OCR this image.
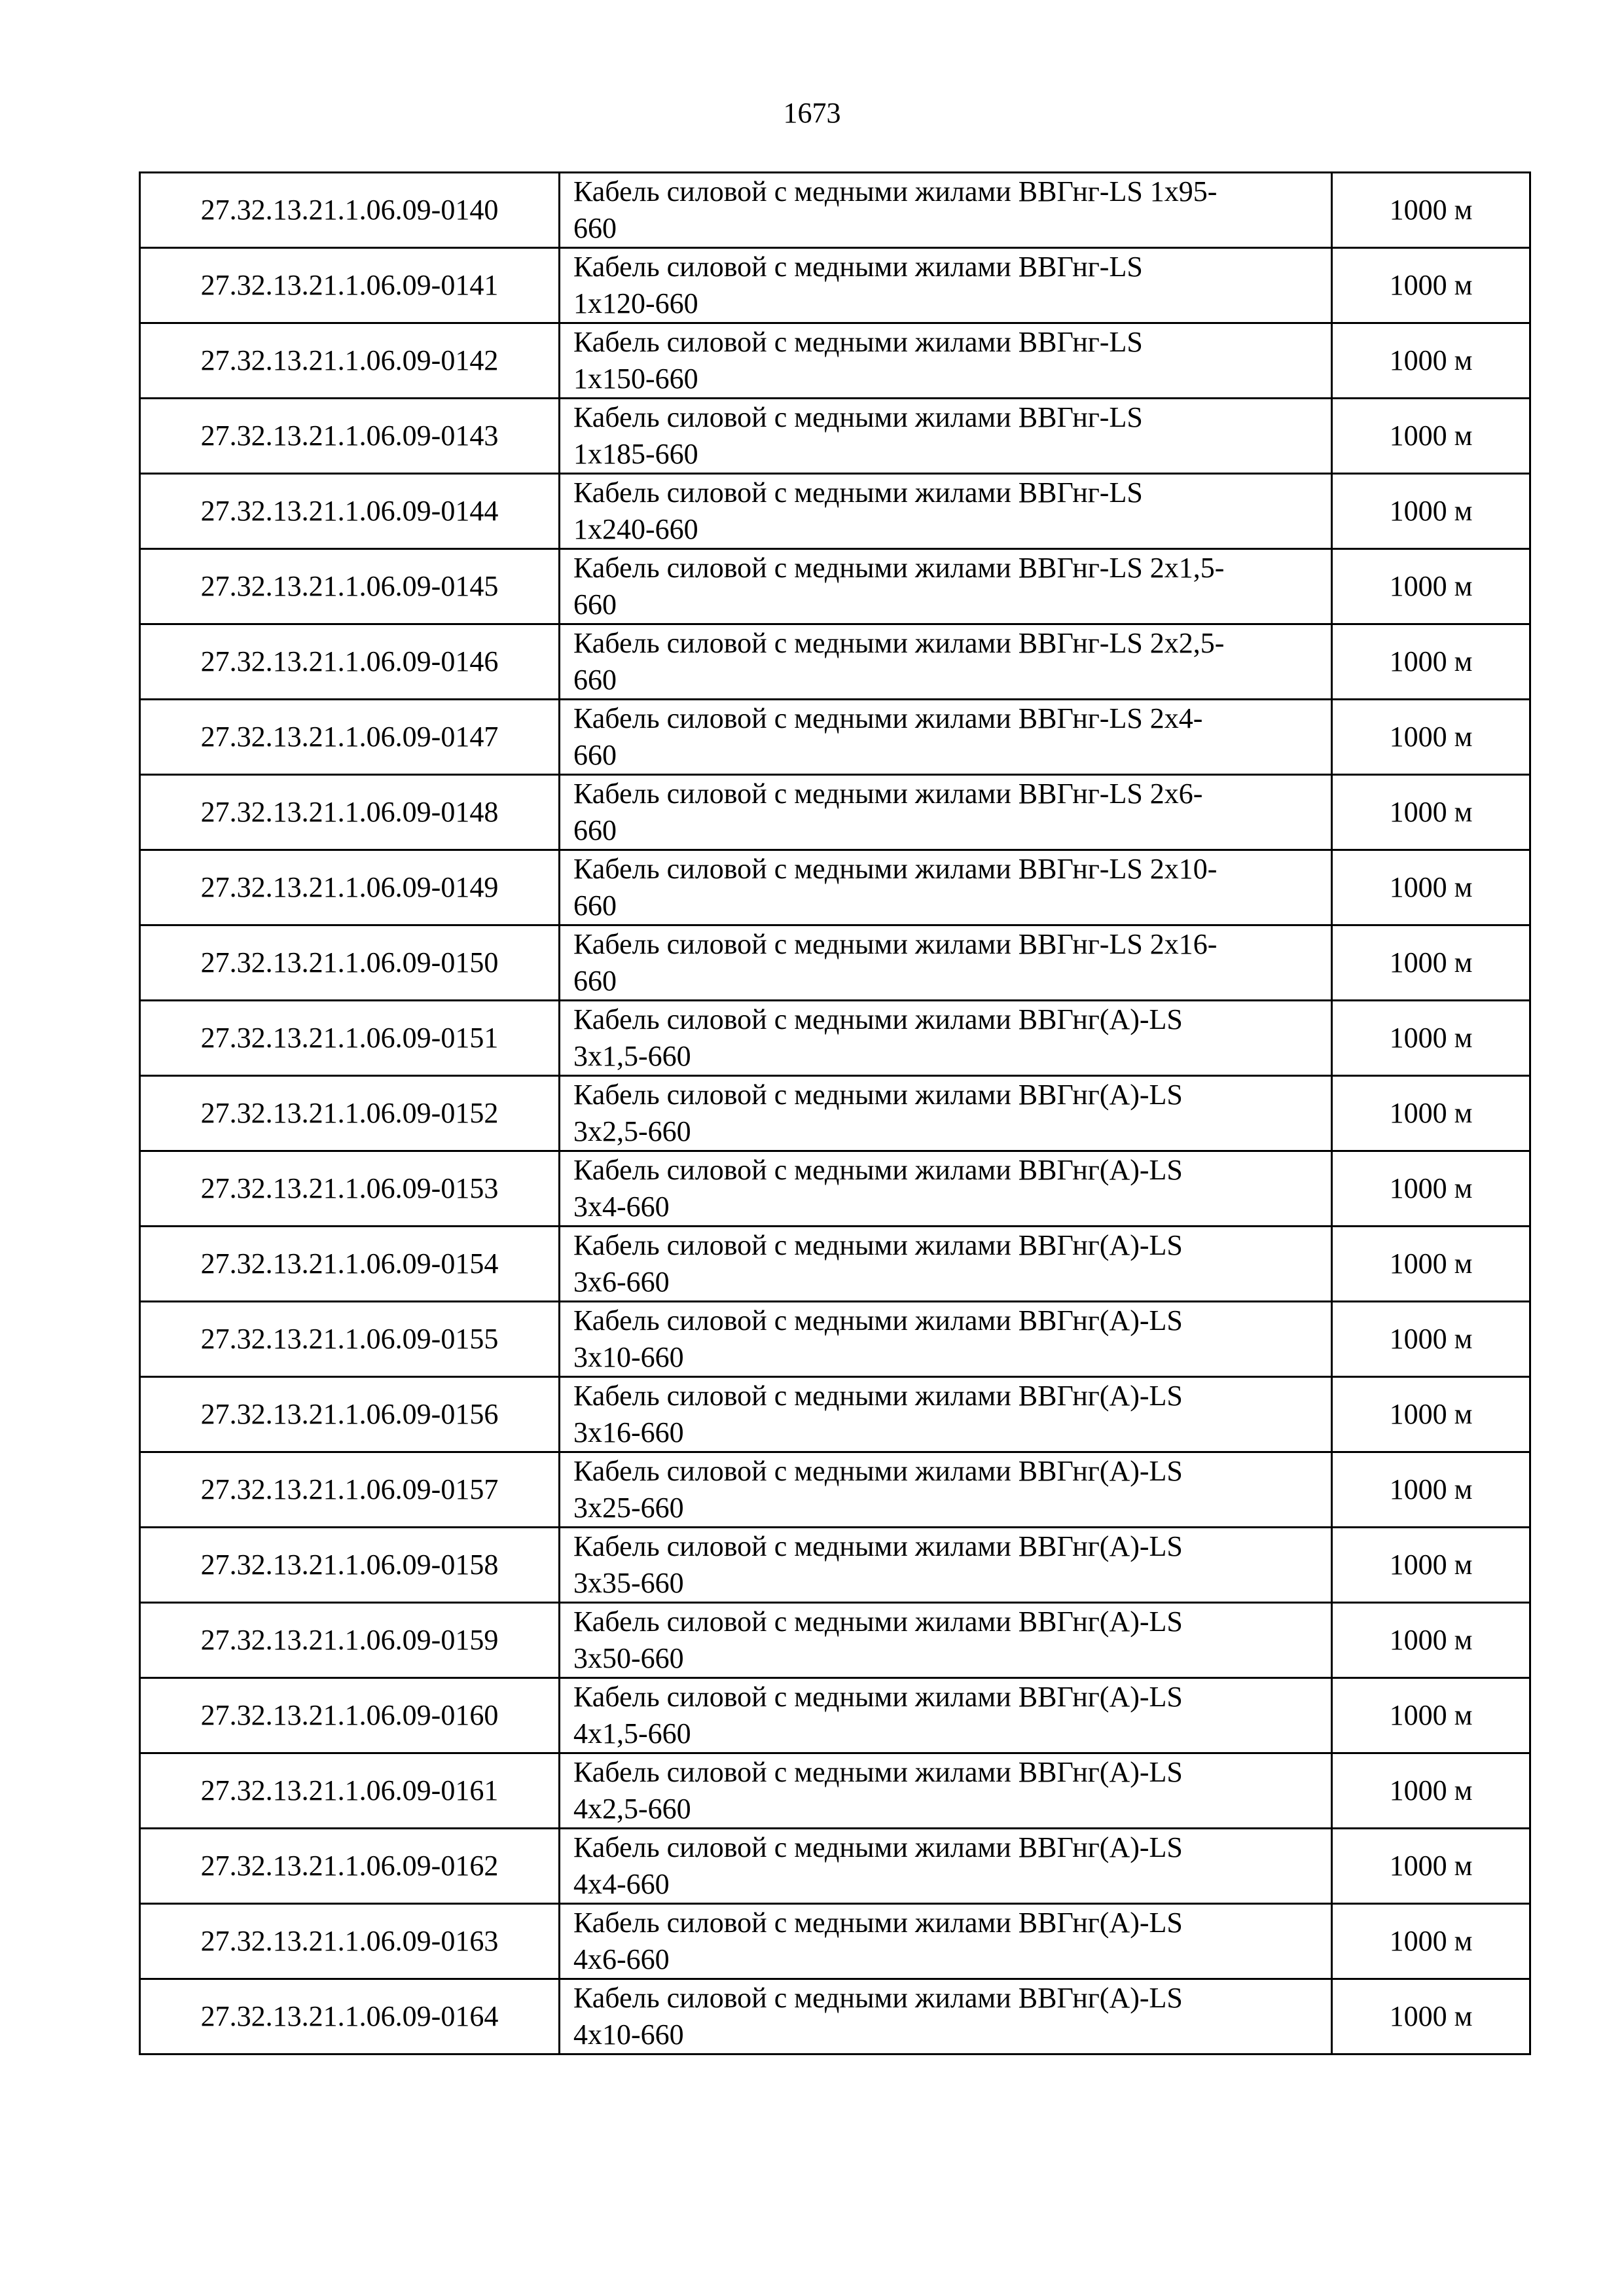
1673
27.32.13.21.1.06.09-0140	Кабель силовой с медными жилами ВВГнг-LS 1х95-
660	1000 м
27.32.13.21.1.06.09-0141	Кабель силовой с медными жилами ВВГнг-LS
1х120-660	1000 м
27.32.13.21.1.06.09-0142	Кабель силовой с медными жилами ВВГнг-LS
1х150-660	1000 м
27.32.13.21.1.06.09-0143	Кабель силовой с медными жилами ВВГнг-LS
1х185-660	1000 м
27.32.13.21.1.06.09-0144	Кабель силовой с медными жилами ВВГнг-LS
1х240-660	1000 м
27.32.13.21.1.06.09-0145	Кабель силовой с медными жилами ВВГнг-LS 2х1,5-
660	1000 м
27.32.13.21.1.06.09-0146	Кабель силовой с медными жилами ВВГнг-LS 2х2,5-
660	1000 м
27.32.13.21.1.06.09-0147	Кабель силовой с медными жилами ВВГнг-LS 2х4-
660	1000 м
27.32.13.21.1.06.09-0148	Кабель силовой с медными жилами ВВГнг-LS 2х6-
660	1000 м
27.32.13.21.1.06.09-0149	Кабель силовой с медными жилами ВВГнг-LS 2х10-
660	1000 м
27.32.13.21.1.06.09-0150	Кабель силовой с медными жилами ВВГнг-LS 2х16-
660	1000 м
27.32.13.21.1.06.09-0151	Кабель силовой с медными жилами ВВГнг(А)-LS
3х1,5-660	1000 м
27.32.13.21.1.06.09-0152	Кабель силовой с медными жилами ВВГнг(А)-LS
3х2,5-660	1000 м
27.32.13.21.1.06.09-0153	Кабель силовой с медными жилами ВВГнг(А)-LS
3х4-660	1000 м
27.32.13.21.1.06.09-0154	Кабель силовой с медными жилами ВВГнг(А)-LS
3х6-660	1000 м
27.32.13.21.1.06.09-0155	Кабель силовой с медными жилами ВВГнг(А)-LS
3х10-660	1000 м
27.32.13.21.1.06.09-0156	Кабель силовой с медными жилами ВВГнг(А)-LS
3х16-660	1000 м
27.32.13.21.1.06.09-0157	Кабель силовой с медными жилами ВВГнг(А)-LS
3х25-660	1000 м
27.32.13.21.1.06.09-0158	Кабель силовой с медными жилами ВВГнг(А)-LS
3х35-660	1000 м
27.32.13.21.1.06.09-0159	Кабель силовой с медными жилами ВВГнг(А)-LS
3х50-660	1000 м
27.32.13.21.1.06.09-0160	Кабель силовой с медными жилами ВВГнг(А)-LS
4х1,5-660	1000 м
27.32.13.21.1.06.09-0161	Кабель силовой с медными жилами ВВГнг(А)-LS
4х2,5-660	1000 м
27.32.13.21.1.06.09-0162	Кабель силовой с медными жилами ВВГнг(А)-LS
4х4-660	1000 м
27.32.13.21.1.06.09-0163	Кабель силовой с медными жилами ВВГнг(А)-LS
4х6-660	1000 м
27.32.13.21.1.06.09-0164	Кабель силовой с медными жилами ВВГнг(А)-LS
4х10-660	1000 м
